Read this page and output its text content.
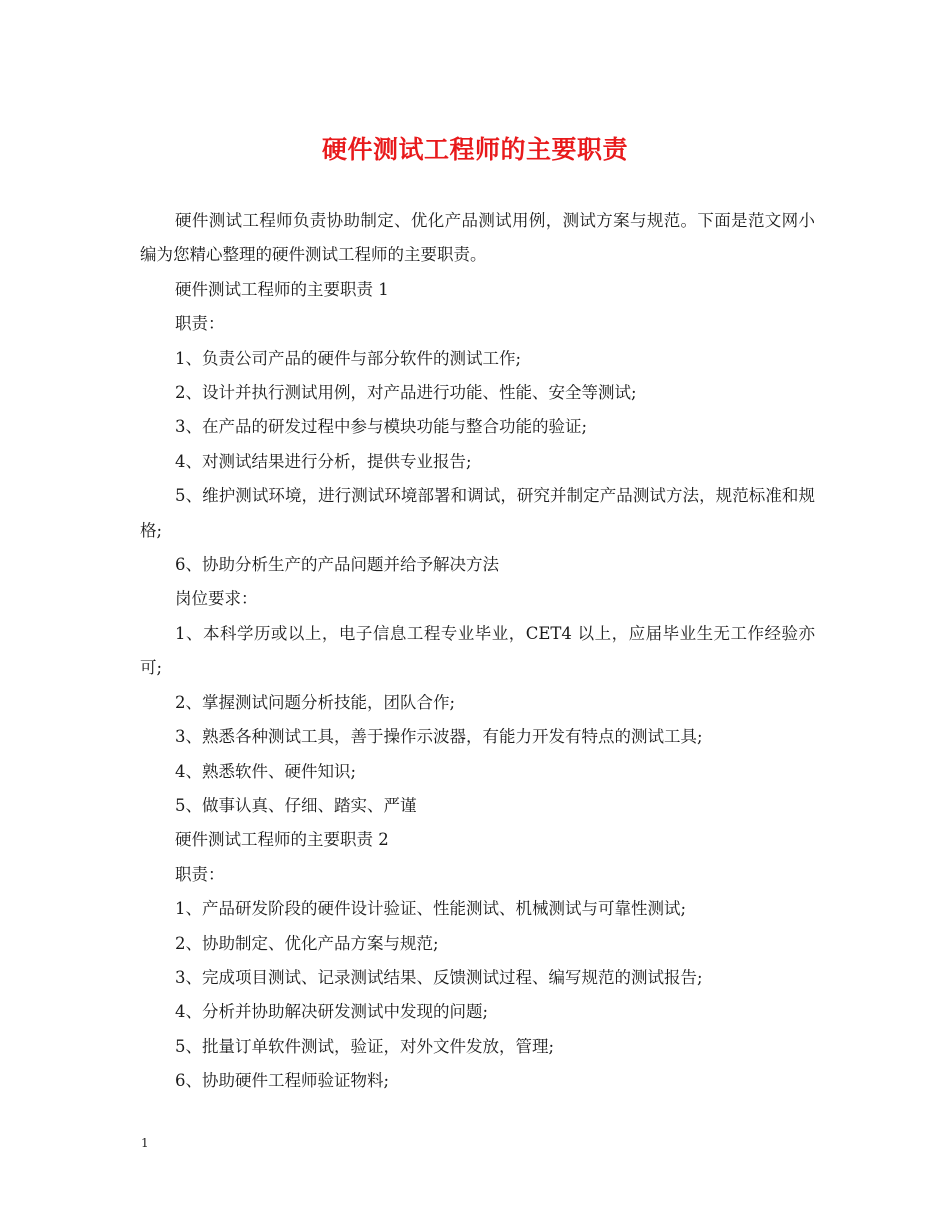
硬件测试工程师的主要职责

硬件测试工程师负责协助制定、优化产品测试用例，测试方案与规范。下面是范文网小编为您精心整理的硬件测试工程师的主要职责。

硬件测试工程师的主要职责 1

职责：

1、负责公司产品的硬件与部分软件的测试工作;

2、设计并执行测试用例，对产品进行功能、性能、安全等测试;

3、在产品的研发过程中参与模块功能与整合功能的验证;

4、对测试结果进行分析，提供专业报告;

5、维护测试环境，进行测试环境部署和调试，研究并制定产品测试方法，规范标准和规格;

6、协助分析生产的产品问题并给予解决方法

岗位要求：

1、本科学历或以上，电子信息工程专业毕业，CET4 以上，应届毕业生无工作经验亦可;

2、掌握测试问题分析技能，团队合作;

3、熟悉各种测试工具，善于操作示波器，有能力开发有特点的测试工具;

4、熟悉软件、硬件知识;

5、做事认真、仔细、踏实、严谨

硬件测试工程师的主要职责 2

职责：

1、产品研发阶段的硬件设计验证、性能测试、机械测试与可靠性测试;

2、协助制定、优化产品方案与规范;

3、完成项目测试、记录测试结果、反馈测试过程、编写规范的测试报告;

4、分析并协助解决研发测试中发现的问题;

5、批量订单软件测试，验证，对外文件发放，管理;

6、协助硬件工程师验证物料;

1
